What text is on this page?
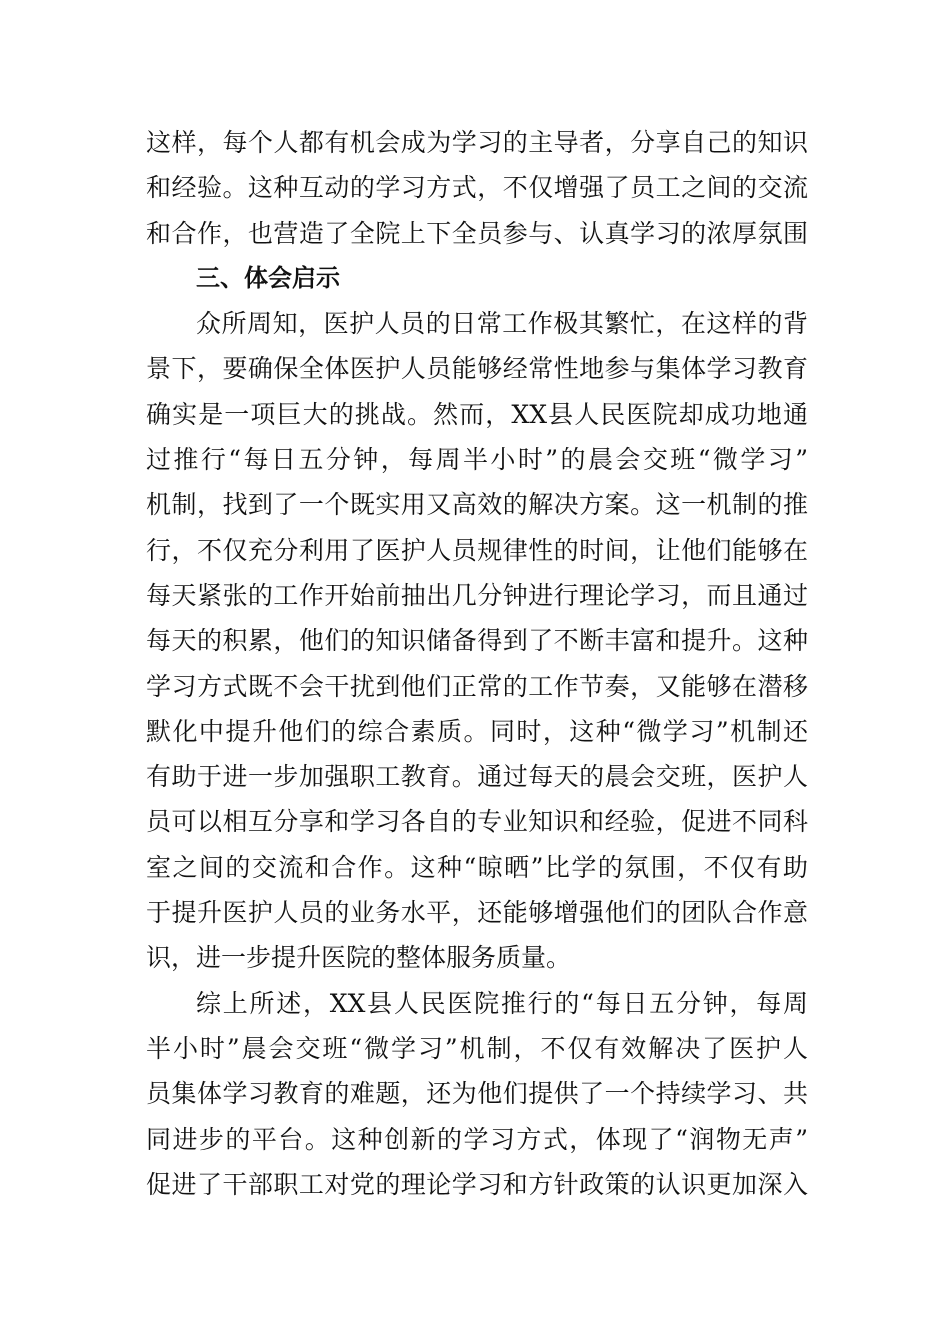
这样，每个人都有机会成为学习的主导者，分享自己的知识
和经验。这种互动的学习方式，不仅增强了员工之间的交流
和合作，也营造了全院上下全员参与、认真学习的浓厚氛围
三、体会启示
众所周知，医护人员的日常工作极其繁忙，在这样的背
景下，要确保全体医护人员能够经常性地参与集体学习教育
确实是一项巨大的挑战。然而，XX县人民医院却成功地通
过推行“每日五分钟，每周半小时”的晨会交班“微学习”
机制，找到了一个既实用又高效的解决方案。这一机制的推
行，不仅充分利用了医护人员规律性的时间，让他们能够在
每天紧张的工作开始前抽出几分钟进行理论学习，而且通过
每天的积累，他们的知识储备得到了不断丰富和提升。这种
学习方式既不会干扰到他们正常的工作节奏，又能够在潜移
默化中提升他们的综合素质。同时，这种“微学习”机制还
有助于进一步加强职工教育。通过每天的晨会交班，医护人
员可以相互分享和学习各自的专业知识和经验，促进不同科
室之间的交流和合作。这种“晾晒”比学的氛围，不仅有助
于提升医护人员的业务水平，还能够增强他们的团队合作意
识，进一步提升医院的整体服务质量。
综上所述，XX县人民医院推行的“每日五分钟，每周
半小时”晨会交班“微学习”机制，不仅有效解决了医护人
员集体学习教育的难题，还为他们提供了一个持续学习、共
同进步的平台。这种创新的学习方式，体现了“润物无声”
促进了干部职工对党的理论学习和方针政策的认识更加深入
